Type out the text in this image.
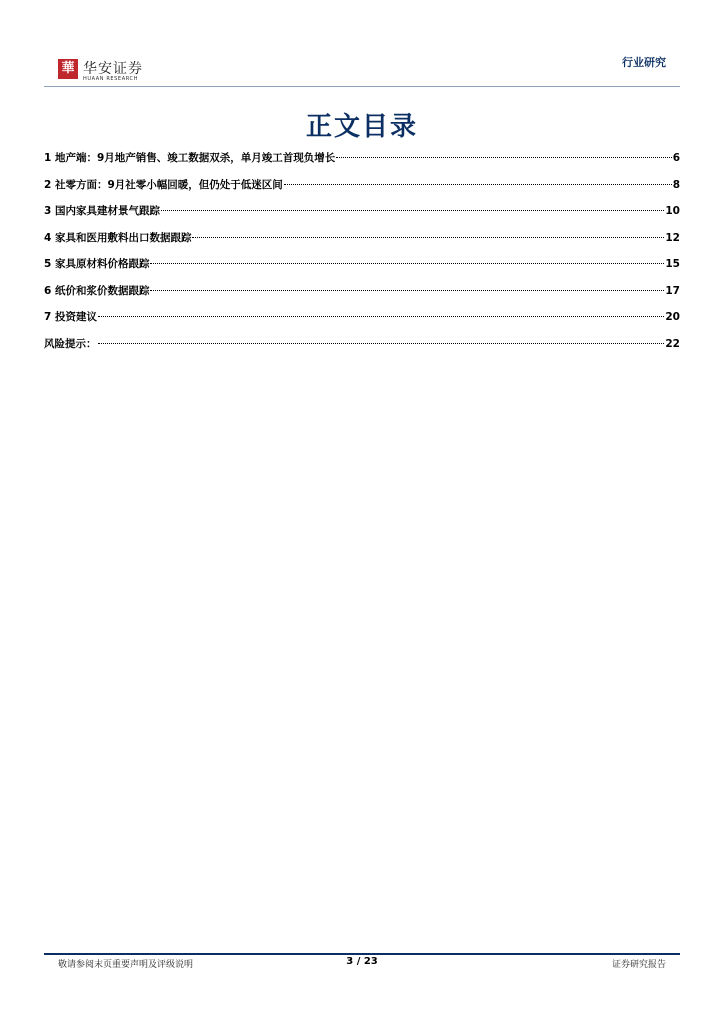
華 华安证券
HUAAN RESEARCH
行业研究
正文目录
1 地产端：9月地产销售、竣工数据双杀，单月竣工首现负增长	6
2 社零方面：9月社零小幅回暖，但仍处于低迷区间	8
3 国内家具建材景气跟踪	10
4 家具和医用敷料出口数据跟踪	12
5 家具原材料价格跟踪	15
6 纸价和浆价数据跟踪	17
7 投资建议	20
风险提示：	22
敬请参阅末页重要声明及评级说明	3 / 23	证券研究报告
